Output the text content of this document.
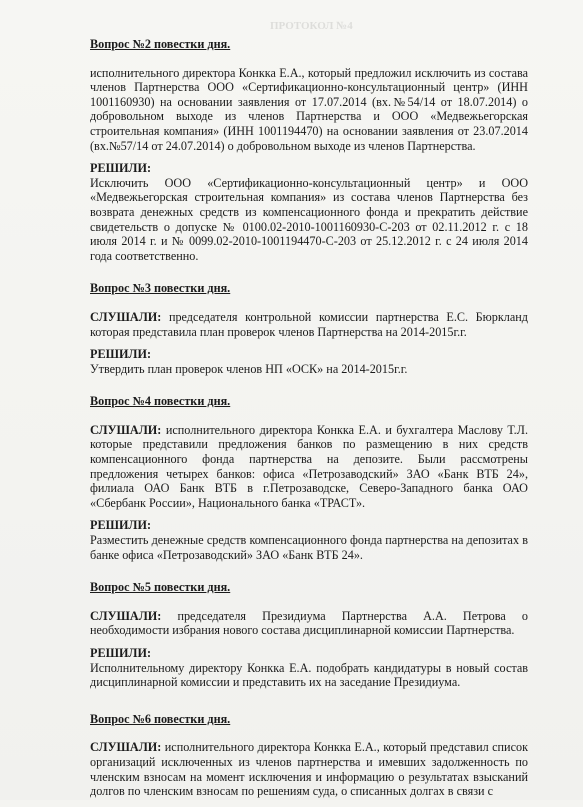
ПРОТОКОЛ №4
Вопрос №2 повестки дня.

исполнительного директора Конкка Е.А., который предложил исключить из состава членов Партнерства ООО «Сертификационно-консультационный центр» (ИНН 1001160930) на основании заявления от 17.07.2014 (вх.№54/14 от 18.07.2014) о добровольном выходе из членов Партнерства и ООО «Медвежьегорская строительная компания» (ИНН 1001194470) на основании заявления от 23.07.2014 (вх.№57/14 от 24.07.2014) о добровольном выходе из членов Партнерства.

РЕШИЛИ:

Исключить ООО «Сертификационно-консультационный центр» и ООО «Медвежьегорская строительная компания» из состава членов Партнерства без возврата денежных средств из компенсационного фонда и прекратить действие свидетельств о допуске № 0100.02-2010-1001160930-С-203 от 02.11.2012 г. с 18 июля 2014 г. и № 0099.02-2010-1001194470-С-203 от 25.12.2012 г. с 24 июля 2014 года соответственно.

Вопрос №3 повестки дня.

СЛУШАЛИ: председателя контрольной комиссии партнерства Е.С. Бюркланд которая представила план проверок членов Партнерства на 2014-2015г.г.

РЕШИЛИ:

Утвердить план проверок членов НП «ОСК» на 2014-2015г.г.

Вопрос №4 повестки дня.

СЛУШАЛИ: исполнительного директора Конкка Е.А. и бухгалтера Маслову Т.Л. которые представили предложения банков по размещению в них средств компенсационного фонда партнерства на депозите. Были рассмотрены предложения четырех банков: офиса «Петрозаводский» ЗАО «Банк ВТБ 24», филиала ОАО Банк ВТБ в г.Петрозаводске, Северо-Западного банка ОАО «Сбербанк России», Национального банка «ТРАСТ».

РЕШИЛИ:

Разместить денежные средств компенсационного фонда партнерства на депозитах в банке офиса «Петрозаводский» ЗАО «Банк ВТБ 24».

Вопрос №5 повестки дня.

СЛУШАЛИ: председателя Президиума Партнерства А.А. Петрова о необходимости избрания нового состава дисциплинарной комиссии Партнерства.

РЕШИЛИ:

Исполнительному директору Конкка Е.А. подобрать кандидатуры в новый состав дисциплинарной комиссии и представить их на заседание Президиума.

Вопрос №6 повестки дня.

СЛУШАЛИ: исполнительного директора Конкка Е.А., который представил список организаций исключенных из членов партнерства и имевших задолженность по членским взносам на момент исключения и информацию о результатах взысканий долгов по членским взносам по решениям суда, о списанных долгах в связи с
